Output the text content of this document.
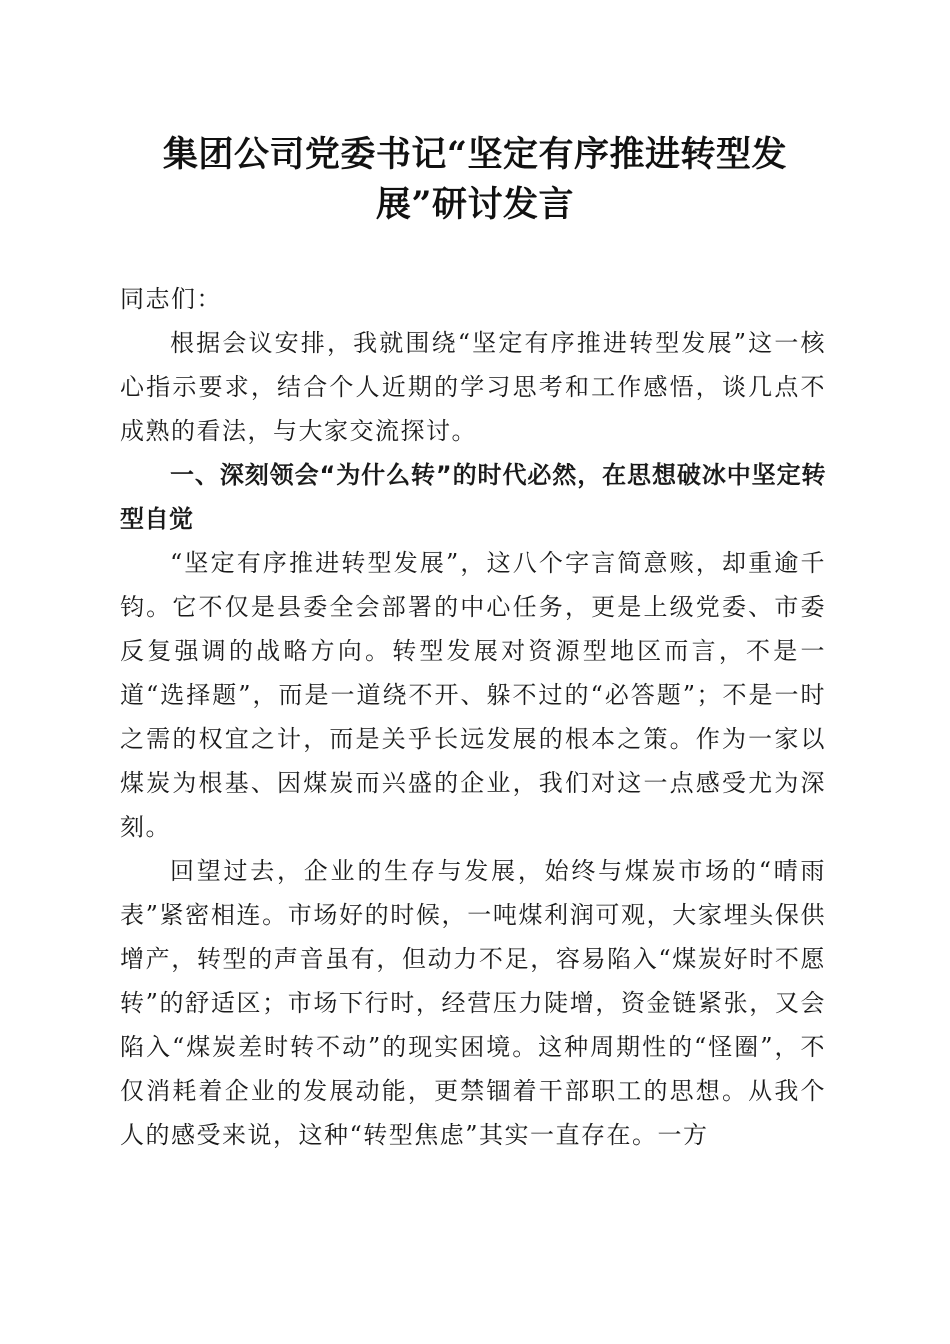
集团公司党委书记“坚定有序推进转型发
展”研讨发言

同志们：

根据会议安排，我就围绕“坚定有序推进转型发展”这一核心指示要求，结合个人近期的学习思考和工作感悟，谈几点不成熟的看法，与大家交流探讨。

一、深刻领会“为什么转”的时代必然，在思想破冰中坚定转型自觉

“坚定有序推进转型发展”，这八个字言简意赅，却重逾千钧。它不仅是县委全会部署的中心任务，更是上级党委、市委反复强调的战略方向。转型发展对资源型地区而言，不是一道“选择题”，而是一道绕不开、躲不过的“必答题”；不是一时之需的权宜之计，而是关乎长远发展的根本之策。作为一家以煤炭为根基、因煤炭而兴盛的企业，我们对这一点感受尤为深刻。

回望过去，企业的生存与发展，始终与煤炭市场的“晴雨表”紧密相连。市场好的时候，一吨煤利润可观，大家埋头保供增产，转型的声音虽有，但动力不足，容易陷入“煤炭好时不愿转”的舒适区；市场下行时，经营压力陡增，资金链紧张，又会陷入“煤炭差时转不动”的现实困境。这种周期性的“怪圈”，不仅消耗着企业的发展动能，更禁锢着干部职工的思想。从我个人的感受来说，这种“转型焦虑”其实一直存在。一方
